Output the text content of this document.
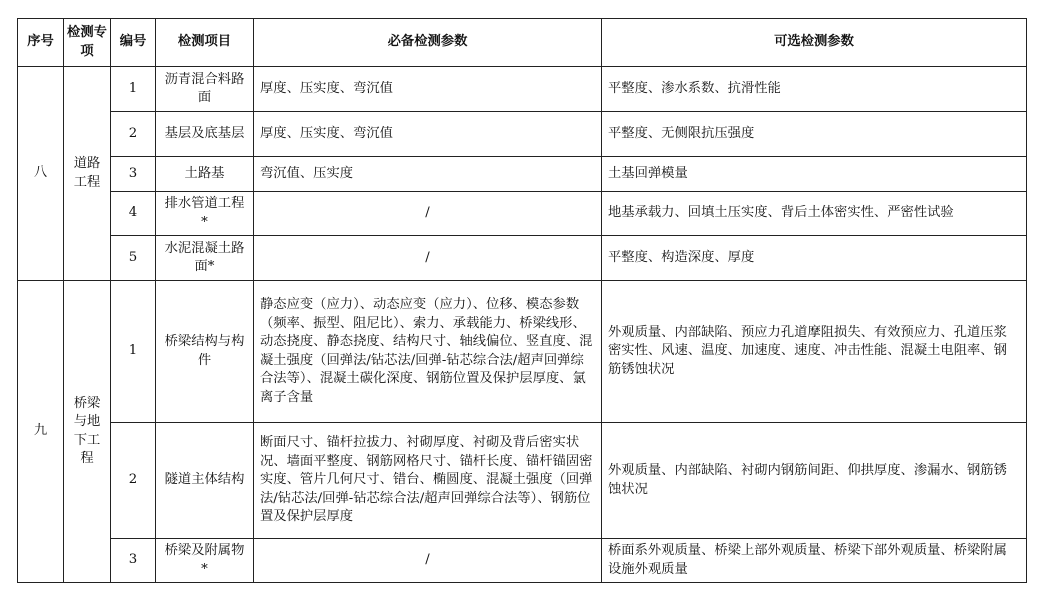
序号	检测专项	编号	检测项目	必备检测参数	可选检测参数
八	道路工程	1	沥青混合料路面	厚度、压实度、弯沉值	平整度、渗水系数、抗滑性能
		2	基层及底基层	厚度、压实度、弯沉值	平整度、无侧限抗压强度
		3	土路基	弯沉值、压实度	土基回弹模量
		4	排水管道工程*	/	地基承载力、回填土压实度、背后土体密实性、严密性试验
		5	水泥混凝土路面*	/	平整度、构造深度、厚度
九	桥梁与地下工程	1	桥梁结构与构件	静态应变（应力）、动态应变（应力）、位移、模态参数（频率、振型、阻尼比）、索力、承载能力、桥梁线形、动态挠度、静态挠度、结构尺寸、轴线偏位、竖直度、混凝土强度（回弹法/钻芯法/回弹-钻芯综合法/超声回弹综合法等）、混凝土碳化深度、钢筋位置及保护层厚度、氯离子含量	外观质量、内部缺陷、预应力孔道摩阻损失、有效预应力、孔道压浆密实性、风速、温度、加速度、速度、冲击性能、混凝土电阻率、钢筋锈蚀状况
		2	隧道主体结构	断面尺寸、锚杆拉拔力、衬砌厚度、衬砌及背后密实状况、墙面平整度、钢筋网格尺寸、锚杆长度、锚杆锚固密实度、管片几何尺寸、错台、椭圆度、混凝土强度（回弹法/钻芯法/回弹-钻芯综合法/超声回弹综合法等）、钢筋位置及保护层厚度	外观质量、内部缺陷、衬砌内钢筋间距、仰拱厚度、渗漏水、钢筋锈蚀状况
		3	桥梁及附属物*	/	桥面系外观质量、桥梁上部外观质量、桥梁下部外观质量、桥梁附属设施外观质量
